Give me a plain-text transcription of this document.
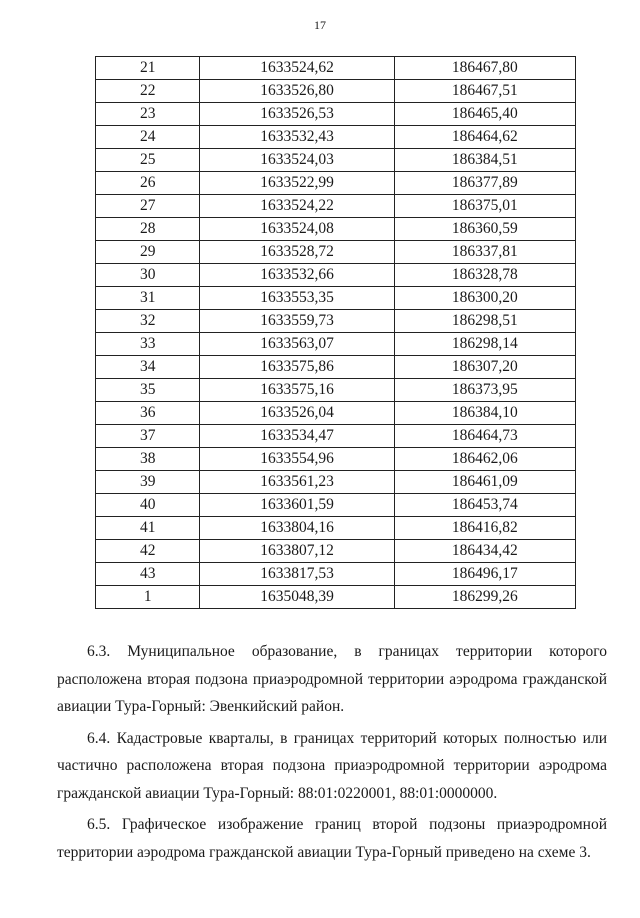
17
21	1633524,62	186467,80
22	1633526,80	186467,51
23	1633526,53	186465,40
24	1633532,43	186464,62
25	1633524,03	186384,51
26	1633522,99	186377,89
27	1633524,22	186375,01
28	1633524,08	186360,59
29	1633528,72	186337,81
30	1633532,66	186328,78
31	1633553,35	186300,20
32	1633559,73	186298,51
33	1633563,07	186298,14
34	1633575,86	186307,20
35	1633575,16	186373,95
36	1633526,04	186384,10
37	1633534,47	186464,73
38	1633554,96	186462,06
39	1633561,23	186461,09
40	1633601,59	186453,74
41	1633804,16	186416,82
42	1633807,12	186434,42
43	1633817,53	186496,17
1	1635048,39	186299,26

6.3. Муниципальное образование, в границах территории которого расположена вторая подзона приаэродромной территории аэродрома гражданской авиации Тура-Горный: Эвенкийский район.

6.4. Кадастровые кварталы, в границах территорий которых полностью или частично расположена вторая подзона приаэродромной территории аэродрома гражданской авиации Тура-Горный: 88:01:0220001, 88:01:0000000.

6.5. Графическое изображение границ второй подзоны приаэродромной территории аэродрома гражданской авиации Тура-Горный приведено на схеме 3.
